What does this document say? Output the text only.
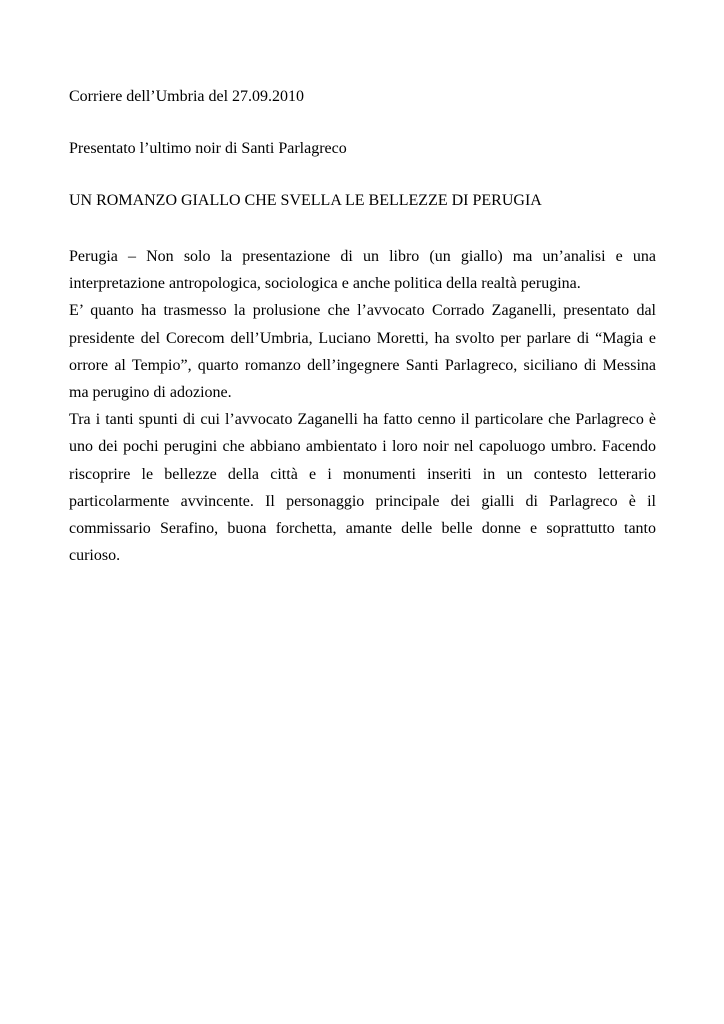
Corriere dell’Umbria del 27.09.2010

Presentato l’ultimo noir di Santi Parlagreco

UN ROMANZO GIALLO CHE SVELLA LE BELLEZZE DI PERUGIA

Perugia – Non solo la presentazione di un libro (un giallo) ma un’analisi e una interpretazione antropologica, sociologica e anche politica della realtà perugina.

E’ quanto ha trasmesso la prolusione che l’avvocato Corrado Zaganelli, presentato dal presidente del Corecom dell’Umbria, Luciano Moretti, ha svolto per parlare di “Magia e orrore al Tempio”, quarto romanzo dell’ingegnere Santi Parlagreco, siciliano di Messina ma perugino di adozione.

Tra i tanti spunti di cui l’avvocato Zaganelli ha fatto cenno il particolare che Parlagreco è uno dei pochi perugini che abbiano ambientato i loro noir nel capoluogo umbro. Facendo riscoprire le bellezze della città e i monumenti inseriti in un contesto letterario particolarmente avvincente. Il personaggio principale dei gialli di Parlagreco è il commissario Serafino, buona forchetta, amante delle belle donne e soprattutto tanto curioso.
